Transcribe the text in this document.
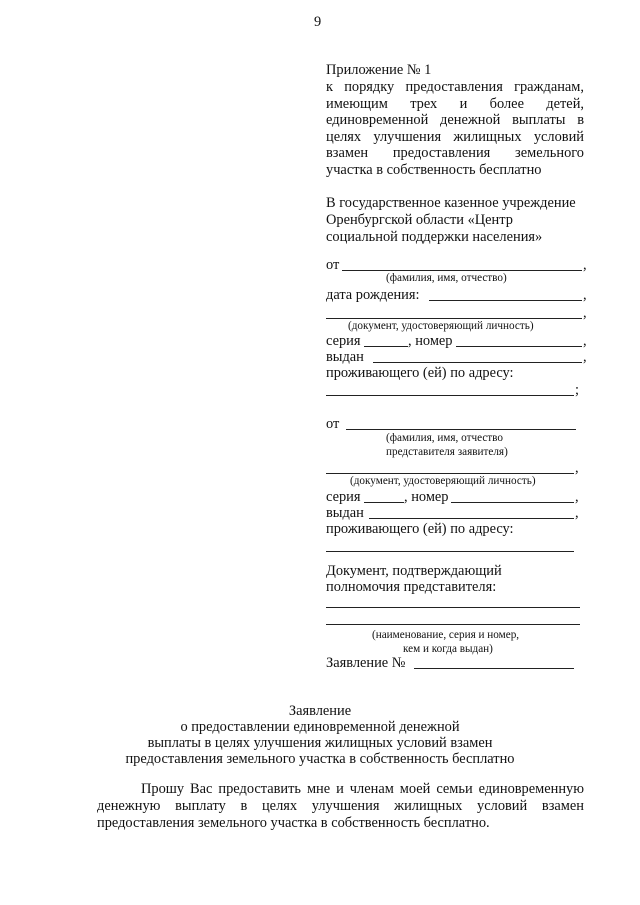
9
Приложение № 1
к порядку предоставления гражданам,
имеющим трех и более детей,
единовременной денежной выплаты в
целях улучшения жилищных условий
взамен предоставления земельного
участка в собственность бесплатно
В государственное казенное учреждение
Оренбургской области «Центр
социальной поддержки населения»
от	,
(фамилия, имя, отчество)
дата рождения:	,
,
(документ, удостоверяющий личность)
серия	, номер	,
выдан	,
проживающего (ей) по адресу:
;
от
(фамилия, имя, отчество
представителя заявителя)
,
(документ, удостоверяющий личность)
серия	, номер	,
выдан	,
проживающего (ей) по адресу:
Документ, подтверждающий
полномочия представителя:
(наименование, серия и номер,
кем и когда выдан)
Заявление №
Заявление
о предоставлении единовременной денежной
выплаты в целях улучшения жилищных условий взамен
предоставления земельного участка в собственность бесплатно
Прошу Вас предоставить мне и членам моей семьи единовременную
денежную выплату в целях улучшения жилищных условий взамен
предоставления земельного участка в собственность бесплатно.
